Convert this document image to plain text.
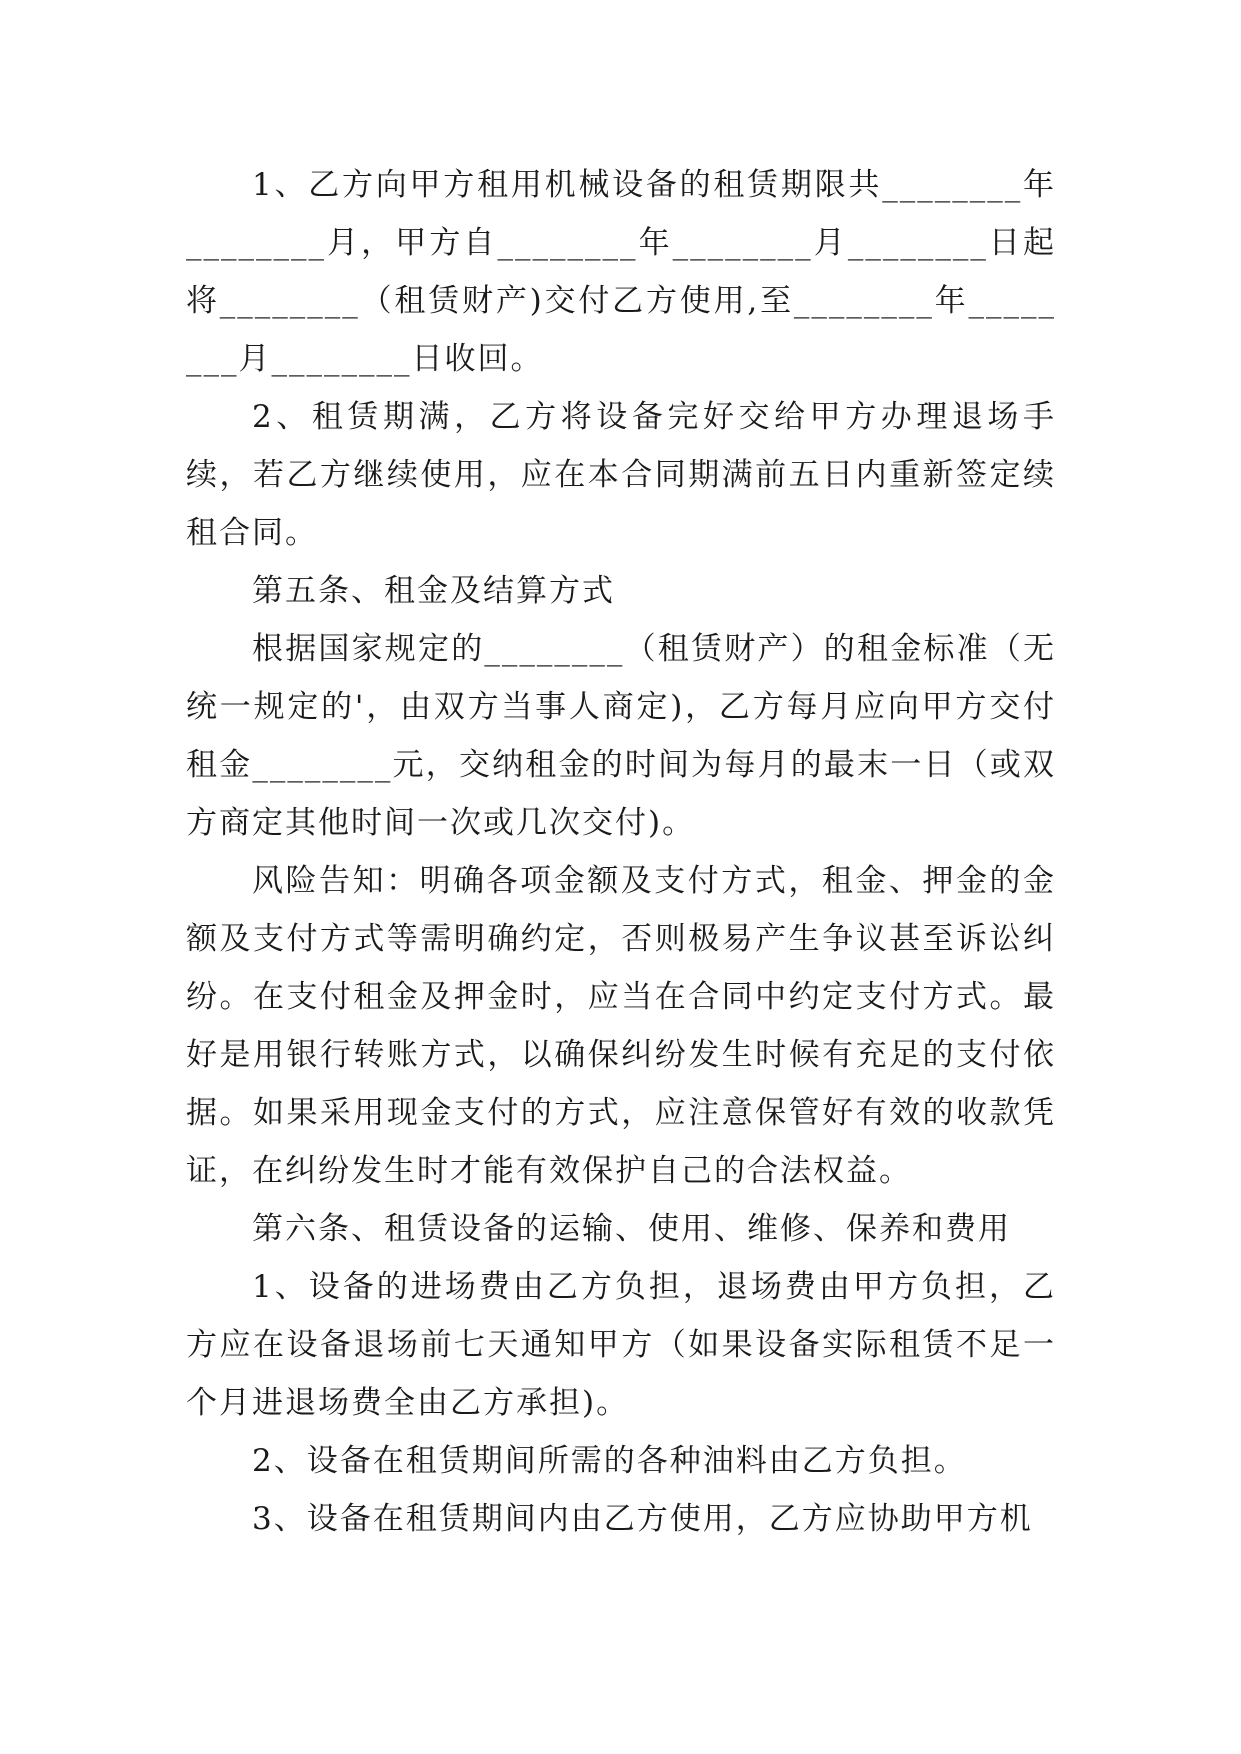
1、乙方向甲方租用机械设备的租赁期限共________年________月，甲方自________年________月________日起将________（租赁财产)交付乙方使用,至________年________月________日收回。

2、租赁期满，乙方将设备完好交给甲方办理退场手续，若乙方继续使用，应在本合同期满前五日内重新签定续租合同。

第五条、租金及结算方式

根据国家规定的________（租赁财产）的租金标准（无统一规定的'，由双方当事人商定)，乙方每月应向甲方交付租金________元，交纳租金的时间为每月的最末一日（或双方商定其他时间一次或几次交付)。

风险告知：明确各项金额及支付方式，租金、押金的金额及支付方式等需明确约定，否则极易产生争议甚至诉讼纠纷。在支付租金及押金时，应当在合同中约定支付方式。最好是用银行转账方式，以确保纠纷发生时候有充足的支付依据。如果采用现金支付的方式，应注意保管好有效的收款凭证，在纠纷发生时才能有效保护自己的合法权益。

第六条、租赁设备的运输、使用、维修、保养和费用

1、设备的进场费由乙方负担，退场费由甲方负担，乙方应在设备退场前七天通知甲方（如果设备实际租赁不足一个月进退场费全由乙方承担)。

2、设备在租赁期间所需的各种油料由乙方负担。

3、设备在租赁期间内由乙方使用，乙方应协助甲方机
